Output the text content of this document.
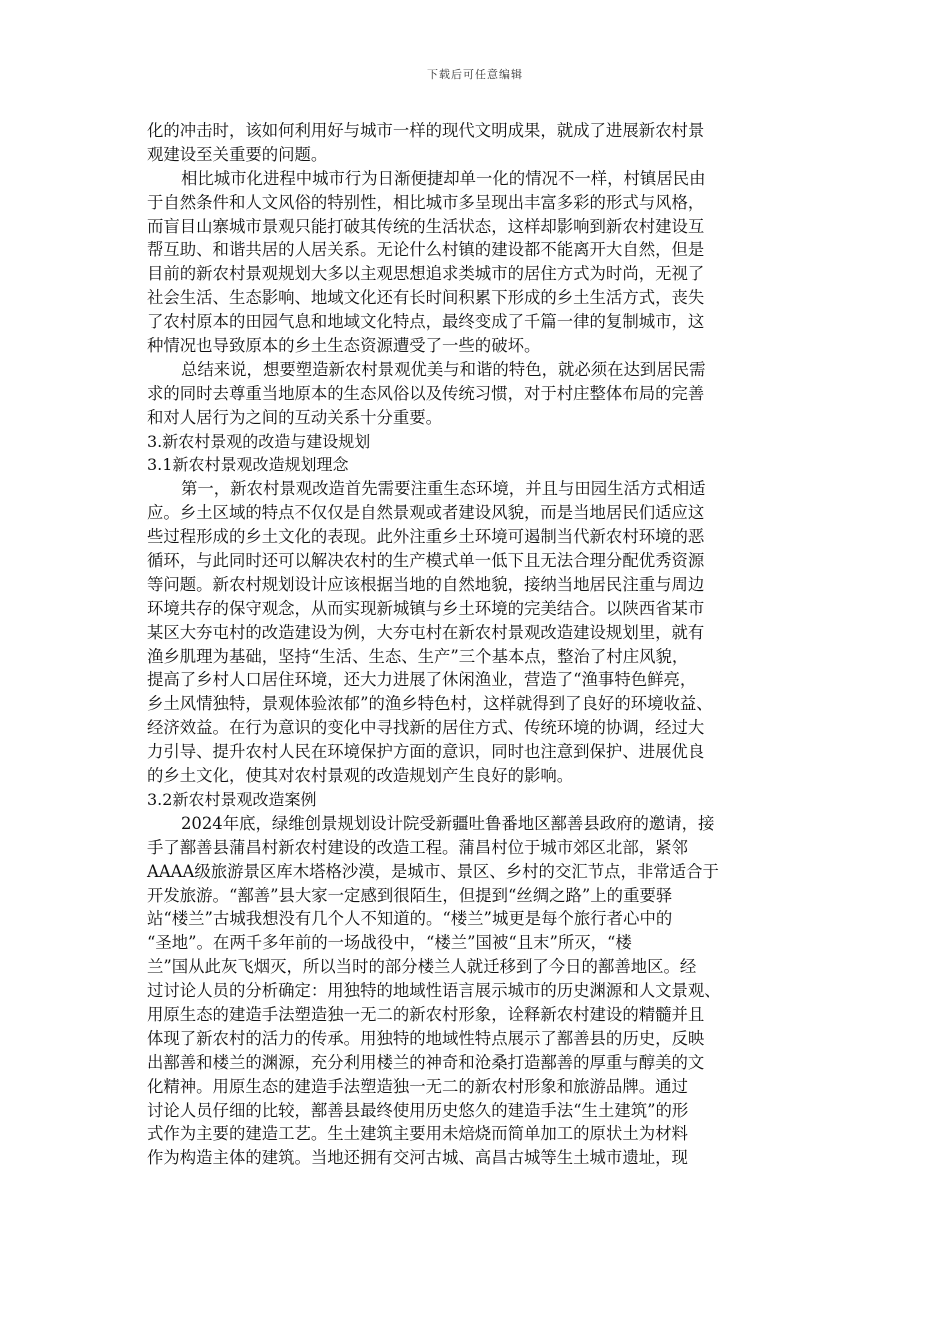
下载后可任意编辑
化的冲击时，该如何利用好与城市一样的现代文明成果，就成了进展新农村景
观建设至关重要的问题。
相比城市化进程中城市行为日渐便捷却单一化的情况不一样，村镇居民由
于自然条件和人文风俗的特别性，相比城市多呈现出丰富多彩的形式与风格，
而盲目山寨城市景观只能打破其传统的生活状态，这样却影响到新农村建设互
帮互助、和谐共居的人居关系。无论什么村镇的建设都不能离开大自然，但是
目前的新农村景观规划大多以主观思想追求类城市的居住方式为时尚，无视了
社会生活、生态影响、地域文化还有长时间积累下形成的乡土生活方式，丧失
了农村原本的田园气息和地域文化特点，最终变成了千篇一律的复制城市，这
种情况也导致原本的乡土生态资源遭受了一些的破坏。
总结来说，想要塑造新农村景观优美与和谐的特色，就必须在达到居民需
求的同时去尊重当地原本的生态风俗以及传统习惯，对于村庄整体布局的完善
和对人居行为之间的互动关系十分重要。
3.新农村景观的改造与建设规划
3.1新农村景观改造规划理念
第一，新农村景观改造首先需要注重生态环境，并且与田园生活方式相适
应。乡土区域的特点不仅仅是自然景观或者建设风貌，而是当地居民们适应这
些过程形成的乡土文化的表现。此外注重乡土环境可遏制当代新农村环境的恶
循环，与此同时还可以解决农村的生产模式单一低下且无法合理分配优秀资源
等问题。新农村规划设计应该根据当地的自然地貌，接纳当地居民注重与周边
环境共存的保守观念，从而实现新城镇与乡土环境的完美结合。以陕西省某市
某区大夯屯村的改造建设为例，大夯屯村在新农村景观改造建设规划里，就有
渔乡肌理为基础，坚持“生活、生态、生产”三个基本点，整治了村庄风貌，
提高了乡村人口居住环境，还大力进展了休闲渔业，营造了“渔事特色鲜亮，
乡土风情独特，景观体验浓郁”的渔乡特色村，这样就得到了良好的环境收益、
经济效益。在行为意识的变化中寻找新的居住方式、传统环境的协调，经过大
力引导、提升农村人民在环境保护方面的意识，同时也注意到保护、进展优良
的乡土文化，使其对农村景观的改造规划产生良好的影响。
3.2新农村景观改造案例
2024年底，绿维创景规划设计院受新疆吐鲁番地区鄯善县政府的邀请，接
手了鄯善县蒲昌村新农村建设的改造工程。蒲昌村位于城市郊区北部，紧邻
AAAA级旅游景区库木塔格沙漠，是城市、景区、乡村的交汇节点，非常适合于
开发旅游。“鄯善”县大家一定感到很陌生，但提到“丝绸之路”上的重要驿
站“楼兰”古城我想没有几个人不知道的。“楼兰”城更是每个旅行者心中的
“圣地”。在两千多年前的一场战役中，“楼兰”国被“且末”所灭，“楼
兰”国从此灰飞烟灭，所以当时的部分楼兰人就迁移到了今日的鄯善地区。经
过讨论人员的分析确定：用独特的地域性语言展示城市的历史渊源和人文景观、
用原生态的建造手法塑造独一无二的新农村形象，诠释新农村建设的精髓并且
体现了新农村的活力的传承。用独特的地域性特点展示了鄯善县的历史，反映
出鄯善和楼兰的渊源，充分利用楼兰的神奇和沧桑打造鄯善的厚重与醇美的文
化精神。用原生态的建造手法塑造独一无二的新农村形象和旅游品牌。通过
讨论人员仔细的比较，鄯善县最终使用历史悠久的建造手法“生土建筑”的形
式作为主要的建造工艺。生土建筑主要用未焙烧而简单加工的原状土为材料
作为构造主体的建筑。当地还拥有交河古城、高昌古城等生土城市遗址，现
